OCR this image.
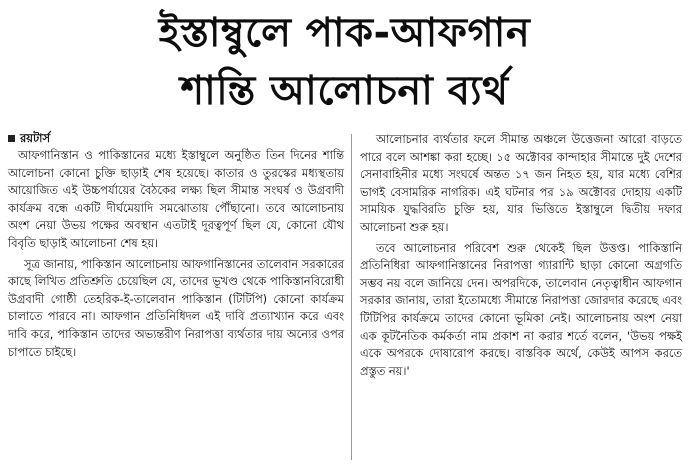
ইস্তাম্বুলে পাক-আফগান
শান্তি আলোচনা ব্যর্থ
রয়টার্স

আফগানিস্তান ও পাকিস্তানের মধ্যে ইস্তাম্বুলে অনুষ্ঠিত তিন দিনের শান্তি আলোচনা কোনো চুক্তি ছাড়াই শেষ হয়েছে। কাতার ও তুরস্কের মধ্যস্থতায় আয়োজিত এই উচ্চপর্যায়ের বৈঠকের লক্ষ্য ছিল সীমান্ত সংঘর্ষ ও উগ্রবাদী কার্যক্রম বন্ধে একটি দীর্ঘমেয়াদি সমঝোতায় পৌঁছানো। তবে আলোচনায় অংশ নেয়া উভয় পক্ষের অবস্থান এতটাই দূরত্বপূর্ণ ছিল যে, কোনো যৌথ বিবৃতি ছাড়াই আলোচনা শেষ হয়।

সূত্র জানায়, পাকিস্তান আলোচনায় আফগানিস্তানের তালেবান সরকারের কাছে লিখিত প্রতিশ্রুতি চেয়েছিল যে, তাদের ভূখণ্ড থেকে পাকিস্তানবিরোধী উগ্রবাদী গোষ্ঠী তেহরিক-ই-তালেবান পাকিস্তান (টিটিপি) কোনো কার্যক্রম চালাতে পারবে না। আফগান প্রতিনিধিদল এই দাবি প্রত্যাখ্যান করে এবং দাবি করে, পাকিস্তান তাদের অভ্যন্তরীণ নিরাপত্তা ব্যর্থতার দায় অন্যের ওপর চাপাতে চাইছে।

আলোচনার ব্যর্থতার ফলে সীমান্ত অঞ্চলে উত্তেজনা আরো বাড়তে পারে বলে আশঙ্কা করা হচ্ছে। ১৫ অক্টোবর কান্দাহার সীমান্তে দুই দেশের সেনাবাহিনীর মধ্যে সংঘর্ষে অন্তত ১৭ জন নিহত হয়, যার মধ্যে বেশির ভাগই বেসামরিক নাগরিক। এই ঘটনার পর ১৯ অক্টোবর দোহায় একটি সাময়িক যুদ্ধবিরতি চুক্তি হয়, যার ভিত্তিতে ইস্তাম্বুলে দ্বিতীয় দফার আলোচনা শুরু হয়।

তবে আলোচনার পরিবেশ শুরু থেকেই ছিল উত্তপ্ত। পাকিস্তানি প্রতিনিধিরা আফগানিস্তানের নিরাপত্তা গ্যারান্টি ছাড়া কোনো অগ্রগতি সম্ভব নয় বলে জানিয়ে দেন। অপরদিকে, তালেবান নেতৃত্বাধীন আফগান সরকার জানায়, তারা ইতোমধ্যে সীমান্তে নিরাপত্তা জোরদার করেছে এবং টিটিপির কার্যক্রমে তাদের কোনো ভূমিকা নেই। আলোচনায় অংশ নেয়া এক কূটনৈতিক কর্মকর্তা নাম প্রকাশ না করার শর্তে বলেন, 'উভয় পক্ষই একে অপরকে দোষারোপ করছে। বাস্তবিক অর্থে, কেউই আপস করতে প্রস্তুত নয়।'
